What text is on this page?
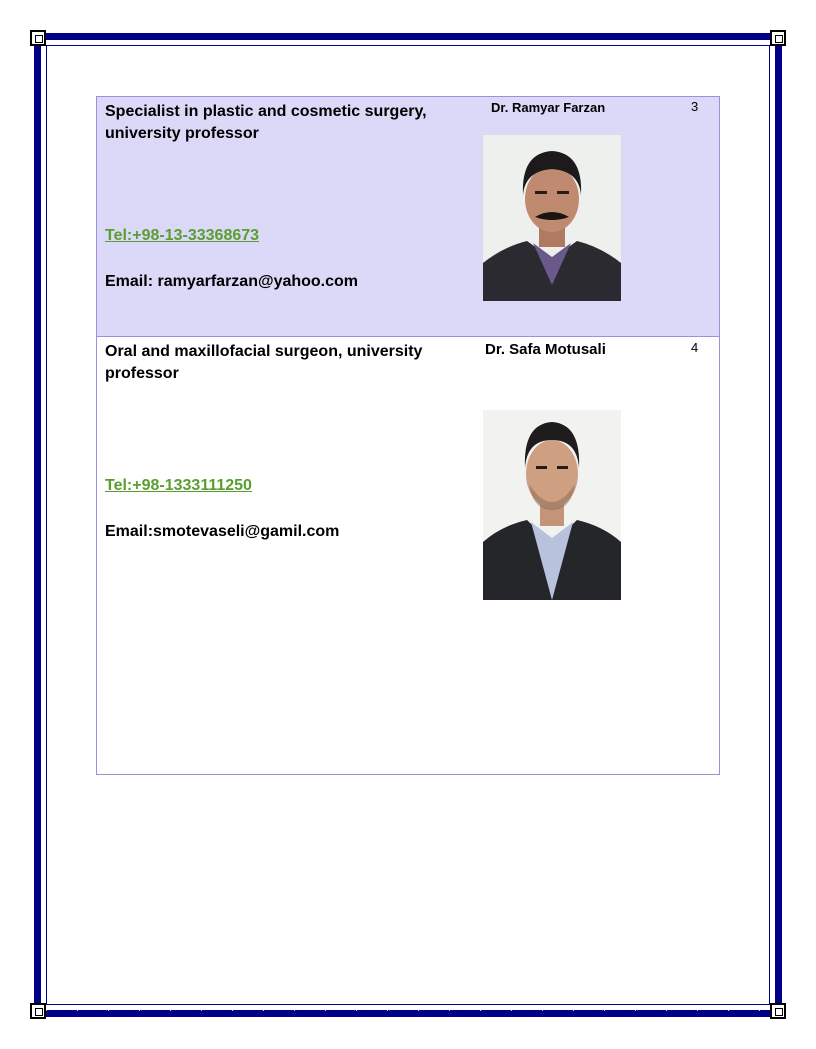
Specialist in plastic and cosmetic surgery, university professor
Tel:+98-13-33368673
Email: ramyarfarzan@yahoo.com
Dr. Ramyar Farzan	3
Oral and maxillofacial surgeon, university professor
Tel:+98-1333111250
Email:smotevaseli@gamil.com
Dr. Safa Motusali	4
